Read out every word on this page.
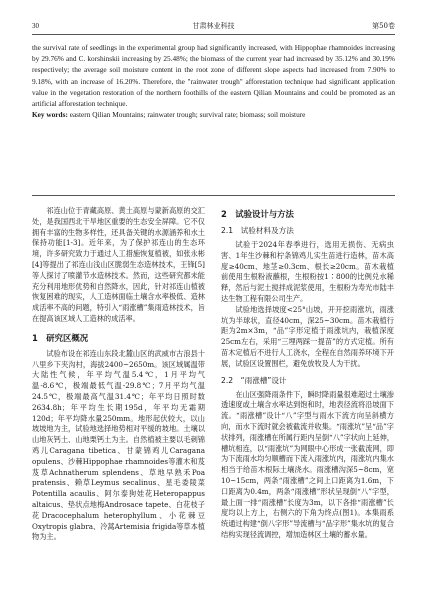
30	甘肃林业科技	第50卷

the survival rate of seedlings in the experimental group had significantly increased, with Hippophae rhamnoides increasing by 29.76% and C. korshinskii increasing by 25.48%; the biomass of the current year had increased by 35.12% and 30.19% respectively; the average soil moisture content in the root zone of different slope aspects had increased from 7.90% to 9.18%, with an increase of 16.20%. Therefore, the "rainwater trough" afforestation technique had significant application value in the vegetation restoration of the northern foothills of the eastern Qilian Mountains and could be promoted as an artificial afforestation technique.

Key words: eastern Qilian Mountains; rainwater trough; survival rate; biomass; soil moisture

祁连山位于青藏高原、黄土高原与蒙新高原的交汇处，是我国西北干旱地区重要的生态安全屏障。它不仅拥有丰富的生物多样性，还具备关键的水源涵养和水土保持功能[1-3]。近年来，为了保护祁连山的生态环境，许多研究致力于通过人工措施恢复植被，如张永彬[4]等提出了祁连山浅山区脆弱生态造林技术，王锋[5]等人探讨了喷灌节水造林技术。然而，这些研究都未能充分利用地形优势和自然降水，因此，针对祁连山植被恢复困难的现实，人工造林面临土壤含水率极低、造林成活率不高的问题，特引入“雨涨槽”集雨造林技术，旨在提高该区域人工造林的成活率。

1　研究区概况

试验布设在祁连山东段北麓山区的武威市古浪县十八里乡下夹沟村，海拔2400~2650m。该区域属温带大陆性气候，年平均气温5.4℃，1月平均气温-8.6℃，极端最低气温-29.8℃；7月平均气温24.5℃，极端最高气温31.4℃；年平均日照时数2634.8h；年平均生长期195d，年平均无霜期120d；年平均降水量250mm。地形起伏较大，以山坡坡地为主，试验地选择地势相对平缓的坡地。土壤以山地灰钙土、山地栗钙土为主。自然植被主要以毛刺锦鸡儿Caragana tibetica、甘蒙锦鸡儿Caragana opulens、沙棘Hippophae rhamnoides等灌木和芨芨草Achnatherum splendens、草地早熟禾Poa pratensis、赖草Leymus secalinus、星毛委陵菜Potentilla acaulis、阿尔泰狗娃花Heteropappus altaicus、垫状点地梅Androsace tapete、白花枝子花Dracocephalum heterophyllum、小花棘豆Oxytropis glabra、冷蒿Artemisia frigida等草本植物为主。

2　试验设计与方法
2.1　试验材料及方法

试验于2024年春季进行，选用无损伤、无病虫害、1年生沙棘和柠条锦鸡儿实生苗进行造林，苗木高度≥40cm、地茎≥0.3cm、根长≥20cm。苗木栽植前使用生根粉液蘸根，生根粉按1∶800的比例兑水稀释，然后与泥土搅拌成泥浆使用，生根粉为寿光市陆丰达生物工程有限公司生产。

试验地选择坡度<25°山坡，开开挖雨涨坑，雨涨坑为半球状，直径40cm，深25~30cm。苗木栽植行距为2m×3m，“品”字形定植于雨涨坑内，栽植深度25cm左右，采用“三埋两踩一提苗”的方式定植。所有苗木定植后不进行人工浇水，全程在自然雨养环境下开展，试验区设置围栏，避免放牧及人为干扰。

2.2　“雨涨槽”设计

在山区强降雨条件下，瞬时降雨量很难超过土壤渗透速度或土壤含水率达到饱和时，地表径流将沿坡面下流。“雨涨槽”设计“八”字型与雨水下流方向呈斜横方向，而水下流时就会被截流并收集。“雨涨坑”呈“品”字状排列，雨涨槽在所属行距内呈倒“八”字状向上延伸，槽坑相连，以“雨涨坑”为网眼中心形成一张截流网，即为下流雨水均匀顺槽而下流入雨涨坑内，雨涨坑内集水相当于给苗木根际土壤浇水。雨涨槽沟深5~8cm，宽10~15cm，两条“雨涨槽”之间上口距离为1.6m，下口距离为0.4m，两条“雨涨槽”形状呈现倒“八”字型，最上面一排“雨涨槽”长度为3m，以下各排“雨涨槽”长度均以上方上，右侧六的下角为终点(图1)。本集雨系统通过构建“倒八字形”导流槽与“品字形”集水坑的复合结构实现径流调控，增加造林区土壤的蓄水量。
